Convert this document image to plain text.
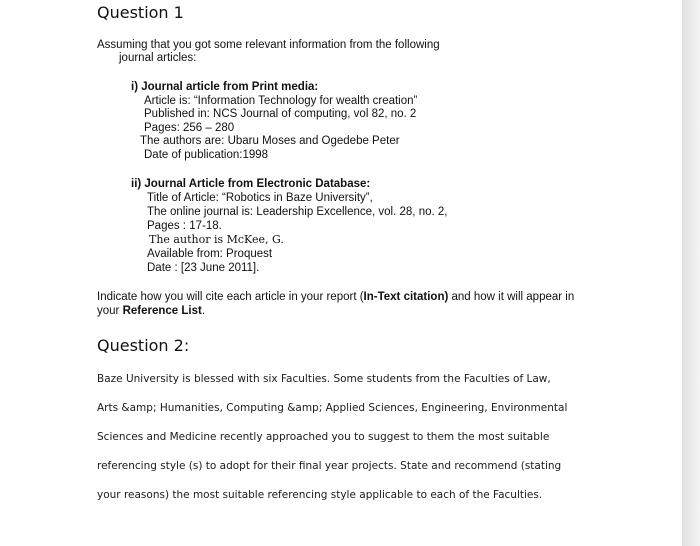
Question 1
Assuming that you got some relevant information from the following
journal articles:
i) Journal article from Print media:
Article is: “Information Technology for wealth creation”
Published in: NCS Journal of computing, vol 82, no. 2
Pages: 256 – 280
The authors are: Ubaru Moses and Ogedebe Peter
Date of publication:1998
ii) Journal Article from Electronic Database:
Title of Article: “Robotics in Baze University”,
The online journal is: Leadership Excellence, vol. 28, no. 2,
Pages : 17-18.
The author is McKee, G.
Available from: Proquest
Date : [23 June 2011].
Indicate how you will cite each article in your report (In-Text citation) and how it will appear in
your Reference List.
Question 2:
Baze University is blessed with six Faculties. Some students from the Faculties of Law,
Arts &amp; Humanities, Computing &amp; Applied Sciences, Engineering, Environmental
Sciences and Medicine recently approached you to suggest to them the most suitable
referencing style (s) to adopt for their final year projects. State and recommend (stating
your reasons) the most suitable referencing style applicable to each of the Faculties.
